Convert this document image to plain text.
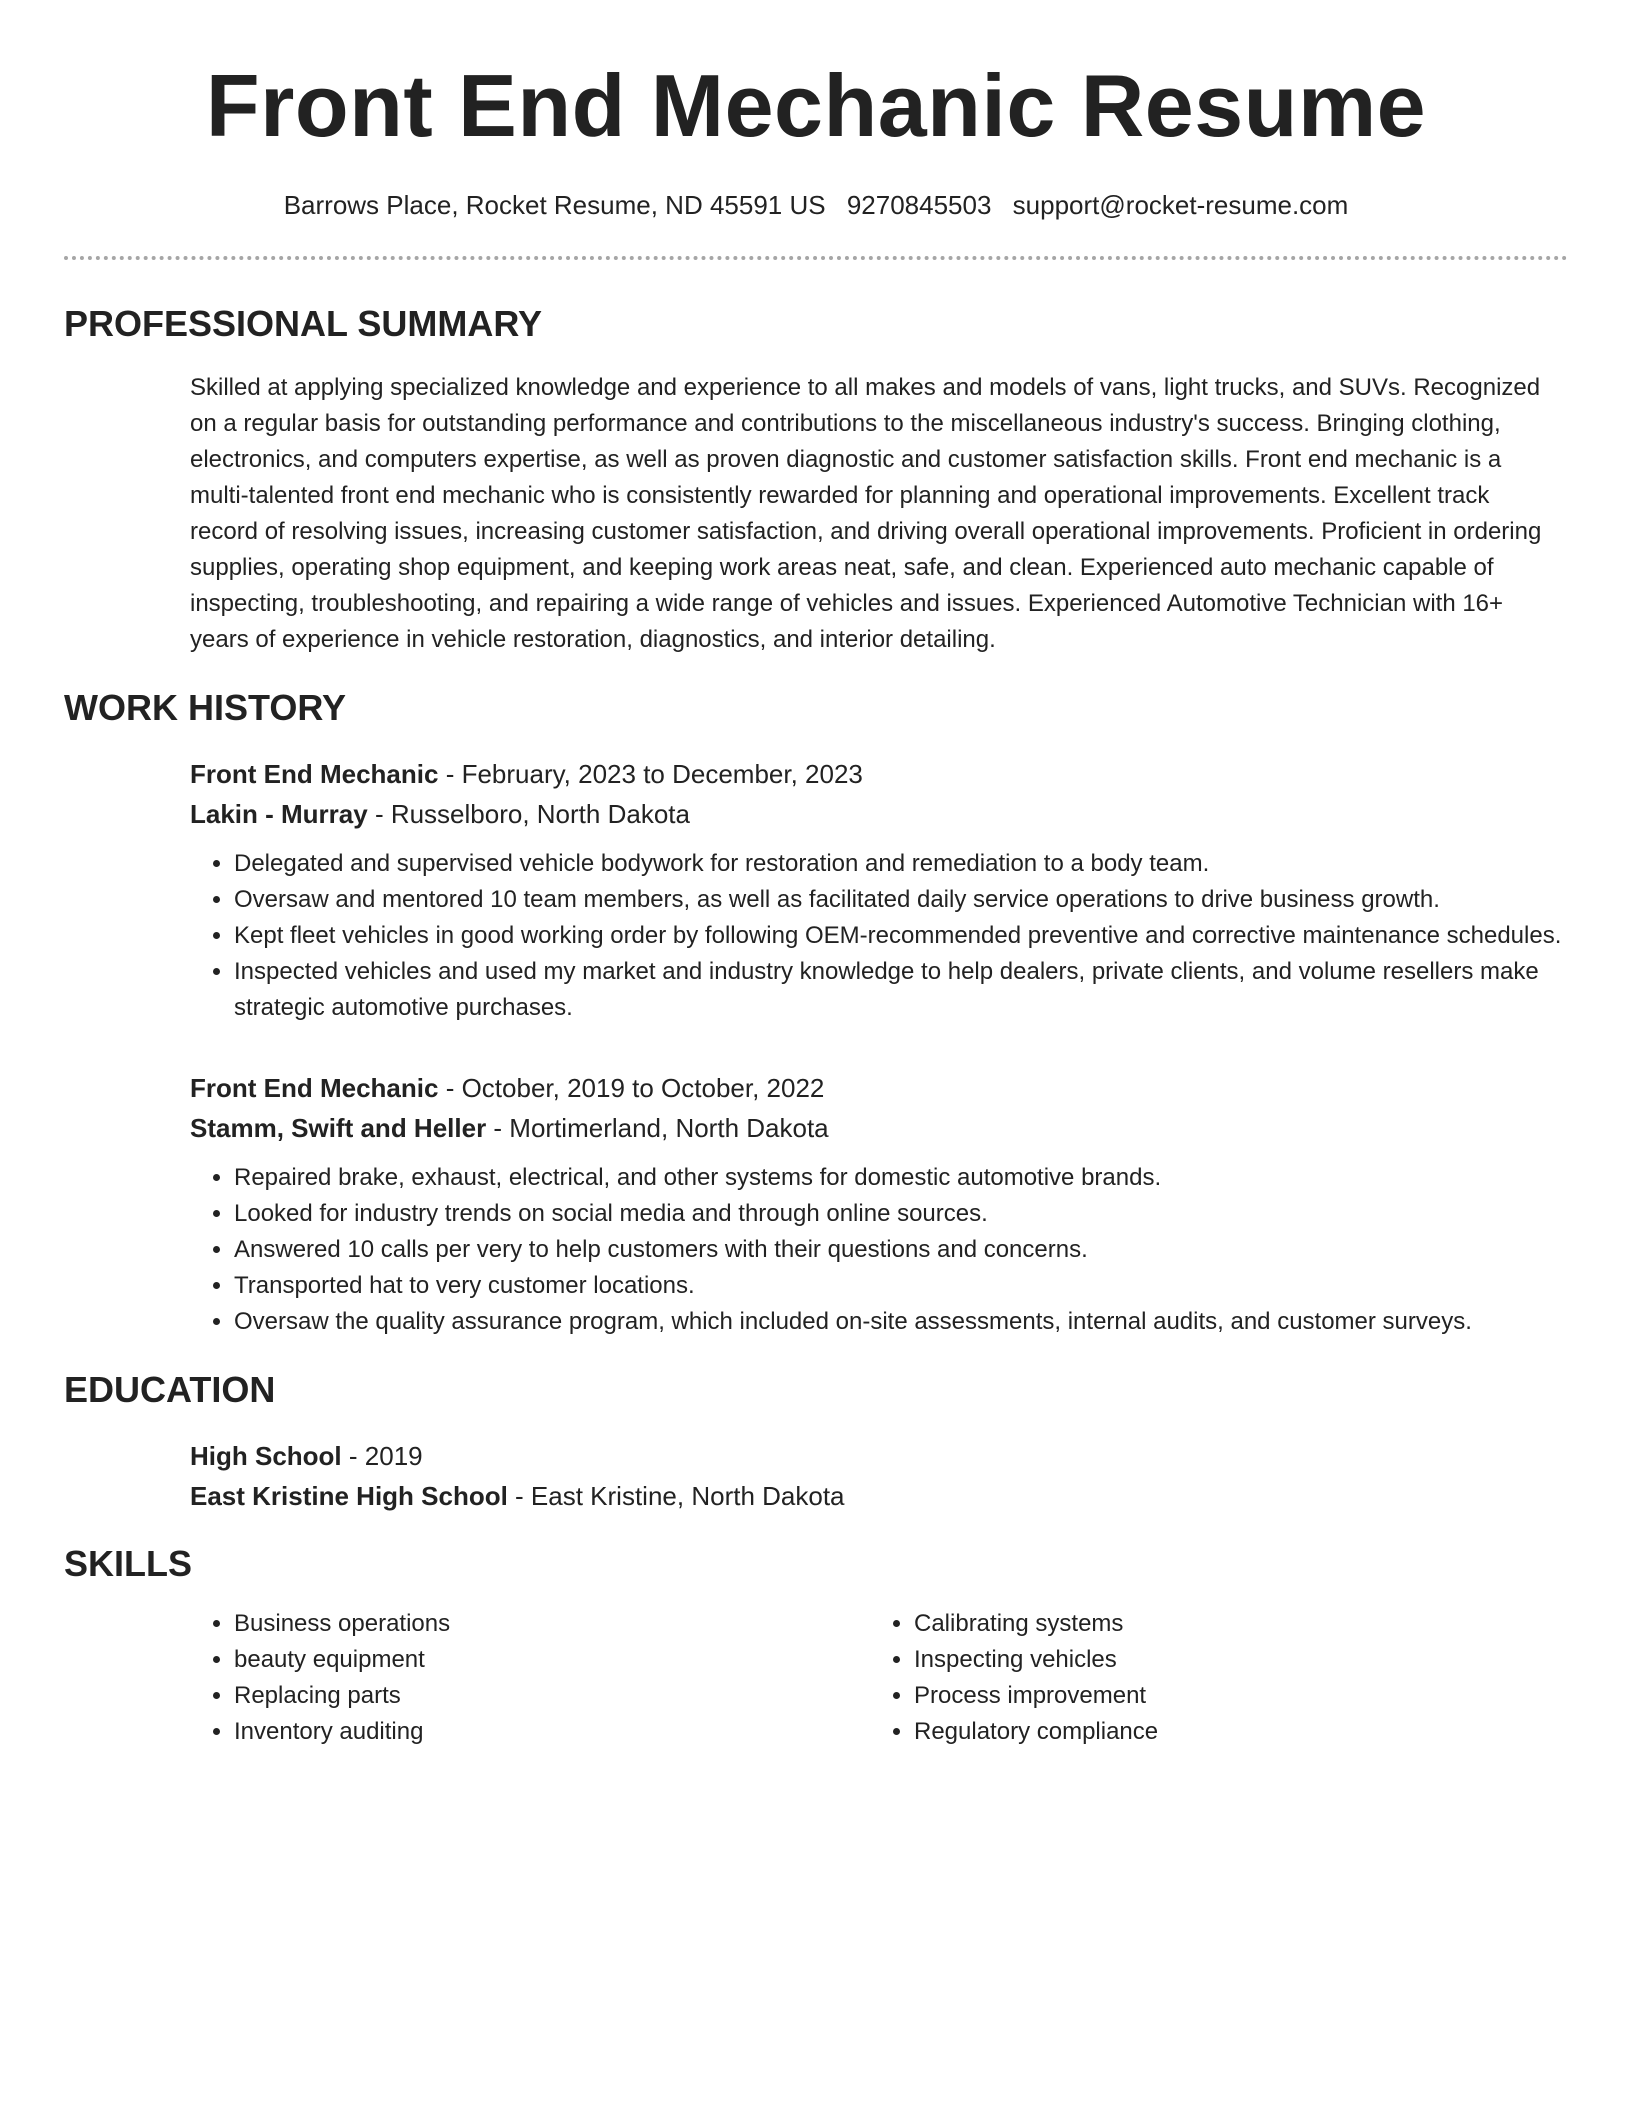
Front End Mechanic Resume
Barrows Place, Rocket Resume, ND 45591 US 9270845503 support@rocket-resume.com
PROFESSIONAL SUMMARY

Skilled at applying specialized knowledge and experience to all makes and models of vans, light trucks, and SUVs. Recognized on a regular basis for outstanding performance and contributions to the miscellaneous industry's success. Bringing clothing, electronics, and computers expertise, as well as proven diagnostic and customer satisfaction skills. Front end mechanic is a multi-talented front end mechanic who is consistently rewarded for planning and operational improvements. Excellent track record of resolving issues, increasing customer satisfaction, and driving overall operational improvements. Proficient in ordering supplies, operating shop equipment, and keeping work areas neat, safe, and clean. Experienced auto mechanic capable of inspecting, troubleshooting, and repairing a wide range of vehicles and issues. Experienced Automotive Technician with 16+ years of experience in vehicle restoration, diagnostics, and interior detailing.

WORK HISTORY
Front End Mechanic - February, 2023 to December, 2023
Lakin - Murray - Russelboro, North Dakota
• Delegated and supervised vehicle bodywork for restoration and remediation to a body team.
• Oversaw and mentored 10 team members, as well as facilitated daily service operations to drive business growth.
• Kept fleet vehicles in good working order by following OEM-recommended preventive and corrective maintenance schedules.
• Inspected vehicles and used my market and industry knowledge to help dealers, private clients, and volume resellers make strategic automotive purchases.
Front End Mechanic - October, 2019 to October, 2022
Stamm, Swift and Heller - Mortimerland, North Dakota
• Repaired brake, exhaust, electrical, and other systems for domestic automotive brands.
• Looked for industry trends on social media and through online sources.
• Answered 10 calls per very to help customers with their questions and concerns.
• Transported hat to very customer locations.
• Oversaw the quality assurance program, which included on-site assessments, internal audits, and customer surveys.
EDUCATION
High School - 2019
East Kristine High School - East Kristine, North Dakota
SKILLS
• Business operations
• beauty equipment
• Replacing parts
• Inventory auditing
• Calibrating systems
• Inspecting vehicles
• Process improvement
• Regulatory compliance
